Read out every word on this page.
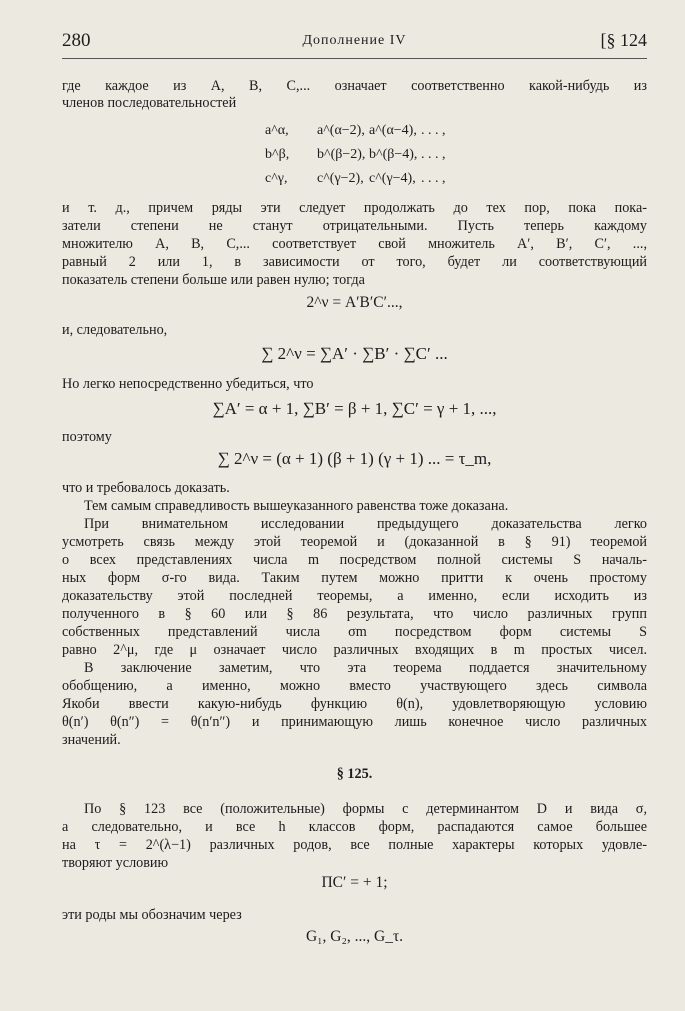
280	Дополнение IV	[§ 124
где каждое из A, B, C,... означает соответственно какой-нибудь из
членов последовательностей
a^α, a^(α−2), a^(α−4), . . . ,
b^β, b^(β−2), b^(β−4), . . . ,
c^γ, c^(γ−2), c^(γ−4), . . . ,
и т. д., причем ряды эти следует продолжать до тех пор, пока пока-
затели степени не станут отрицательными. Пусть теперь каждому
множителю A, B, C,... соответствует свой множитель A′, B′, C′, ...,
равный 2 или 1, в зависимости от того, будет ли соответствующий
показатель степени больше или равен нулю; тогда
2^ν = A′B′C′...,
и, следовательно,
∑ 2^ν = ∑A′ · ∑B′ · ∑C′ ...
Но легко непосредственно убедиться, что
∑A′ = α + 1, ∑B′ = β + 1, ∑C′ = γ + 1, ...,
поэтому
∑ 2^ν = (α + 1) (β + 1) (γ + 1) ... = τ_m,
что и требовалось доказать.
Тем самым справедливость вышеуказанного равенства тоже доказана.
При внимательном исследовании предыдущего доказательства легко
усмотреть связь между этой теоремой и (доказанной в § 91) теоремой
о всех представлениях числа m посредством полной системы S началь-
ных форм σ-го вида. Таким путем можно притти к очень простому
доказательству этой последней теоремы, а именно, если исходить из
полученного в § 60 или § 86 результата, что число различных групп
собственных представлений числа σm посредством форм системы S
равно 2^μ, где μ означает число различных входящих в m простых чисел.
В заключение заметим, что эта теорема поддается значительному
обобщению, а именно, можно вместо участвующего здесь символа
Якоби ввести какую-нибудь функцию θ(n), удовлетворяющую условию
θ(n′) θ(n″) = θ(n′n″) и принимающую лишь конечное число различных
значений.
§ 125.
По § 123 все (положительные) формы с детерминантом D и вида σ,
а следовательно, и все h классов форм, распадаются самое большее
на τ = 2^(λ−1) различных родов, все полные характеры которых удовле-
творяют условию
ΠC′ = + 1;
эти роды мы обозначим через
G₁, G₂, ..., G_τ.
